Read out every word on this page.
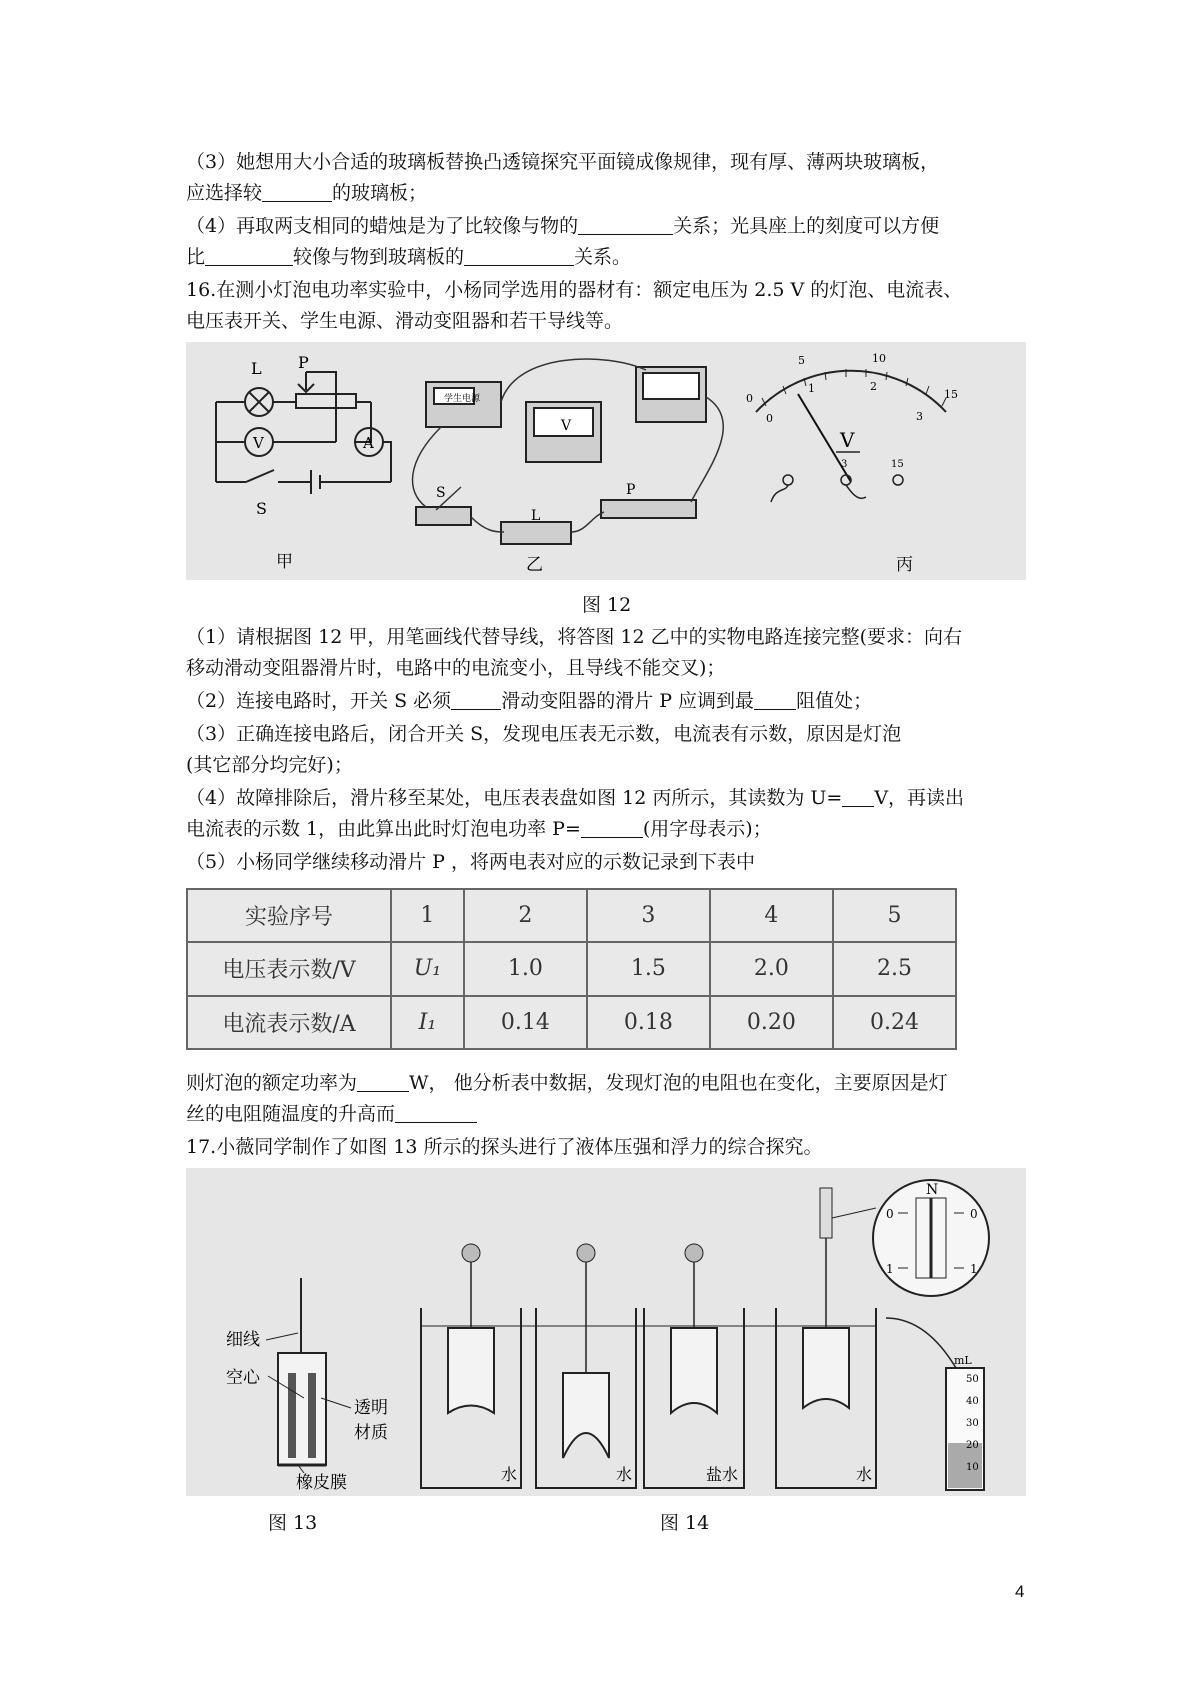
（3）她想用大小合适的玻璃板替换凸透镜探究平面镜成像规律，现有厚、薄两块玻璃板，
应选择较	的玻璃板；
（4）再取两支相同的蜡烛是为了比较像与物的	关系；光具座上的刻度可以方便
比	较像与物到玻璃板的	关系。
16.在测小灯泡电功率实验中，小杨同学选用的器材有：额定电压为 2.5 V 的灯泡、电流表、
电压表开关、学生电源、滑动变阻器和若干导线等。
L P
V	A
S
甲
学生电源
V
S
L
P
乙
0
5	10
15
0
1	2
3
V
3	15
丙
图 12
（1）请根据图 12 甲，用笔画线代替导线，将答图 12 乙中的实物电路连接完整(要求：向右
移动滑动变阻器滑片时，电路中的电流变小，且导线不能交叉)；
（2）连接电路时，开关 S 必须	滑动变阻器的滑片 P 应调到最 阻值处；
（3）正确连接电路后，闭合开关 S，发现电压表无示数，电流表有示数，原因是灯泡
(其它部分均完好)；
（4）故障排除后，滑片移至某处，电压表表盘如图 12 丙所示，其读数为 U= V，再读出
电流表的示数 1，由此算出此时灯泡电功率 P=	(用字母表示)；
（5）小杨同学继续移动滑片 P ，将两电表对应的示数记录到下表中
实验序号	1	2	3	4	5
电压表示数/V	U₁	1.0	1.5	2.0	2.5
电流表示数/A	I₁	0.14	0.18	0.20	0.24
则灯泡的额定功率为	W， 他分析表中数据，发现灯泡的电阻也在变化，主要原因是灯
丝的电阻随温度的升高而
17.小薇同学制作了如图 13 所示的探头进行了液体压强和浮力的综合探究。
细线
空心
透明
材质
橡皮膜	水	水	盐水	水
N
0	0
1	1
mL
50
40
30
20
10
图 13	图 14
4
